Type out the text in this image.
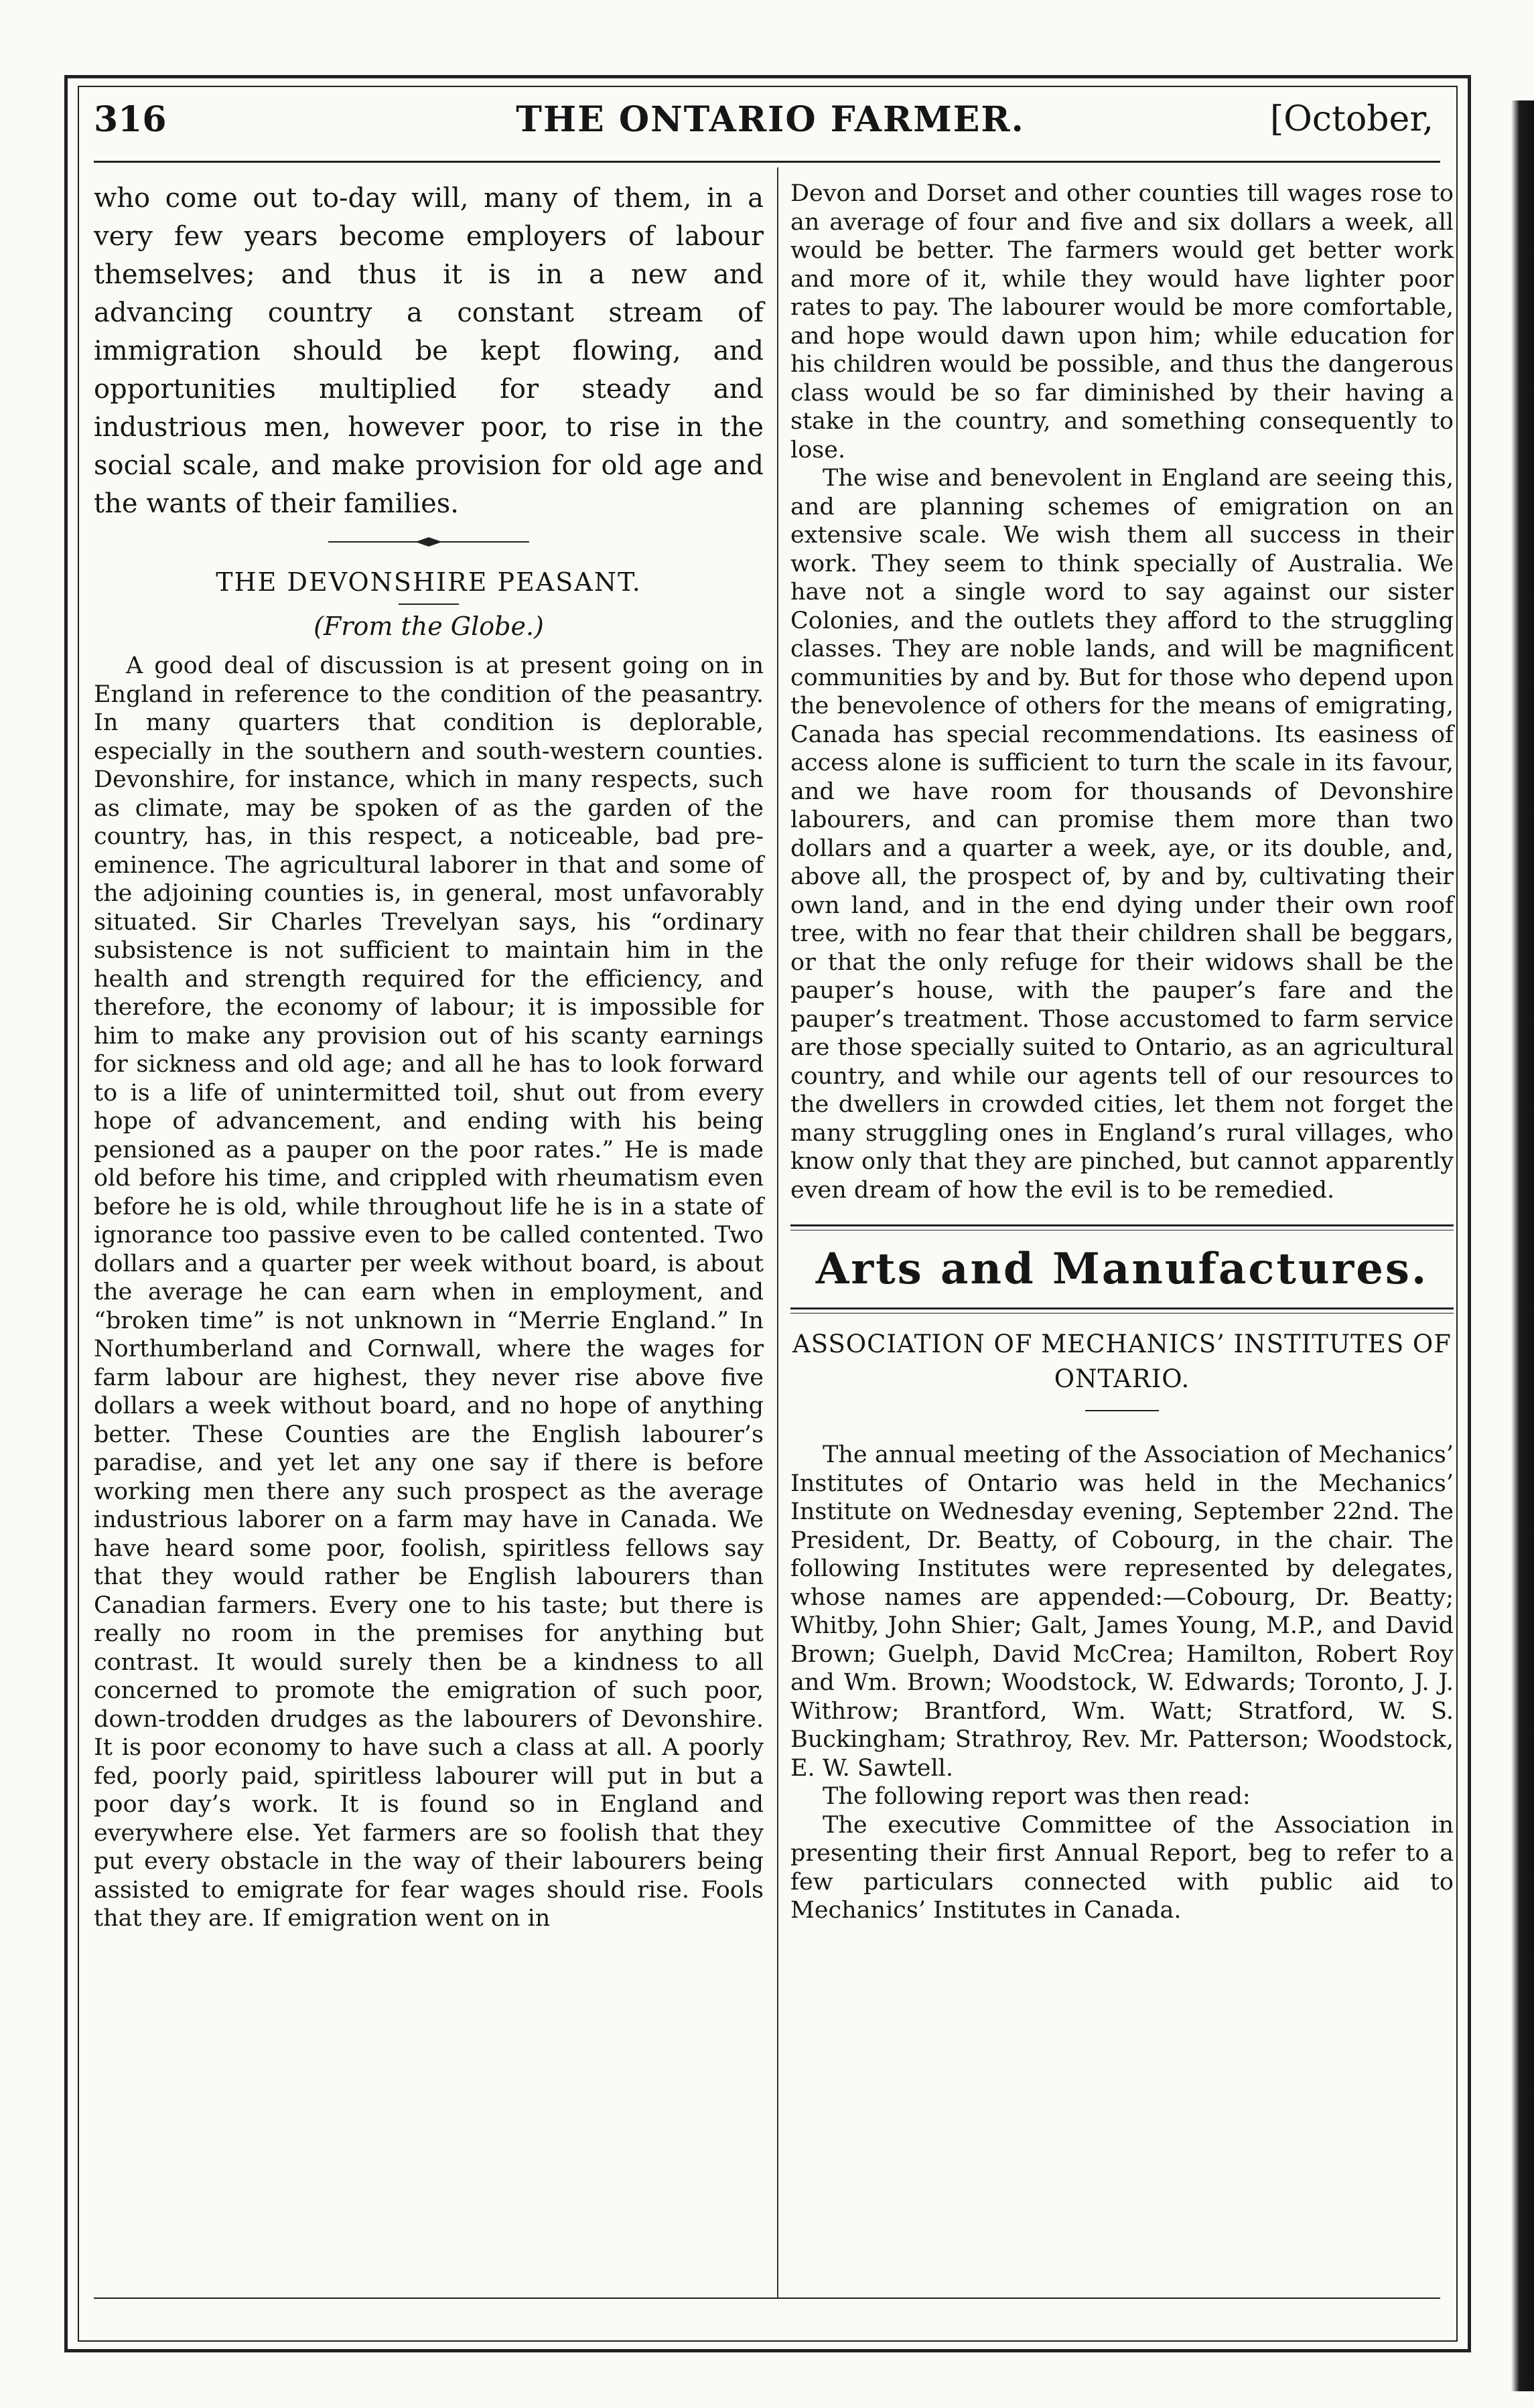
316	THE ONTARIO FARMER.	[October,

who come out to-day will, many of them, in a very few years become employers of labour themselves; and thus it is in a new and advancing country a constant stream of immigration should be kept flowing, and opportunities multiplied for steady and industrious men, however poor, to rise in the social scale, and make provision for old age and the wants of their families.

THE DEVONSHIRE PEASANT.
(From the Globe.)

A good deal of discussion is at present going on in England in reference to the condition of the peasantry. In many quarters that condition is deplorable, especially in the southern and south-western counties. Devonshire, for instance, which in many respects, such as climate, may be spoken of as the garden of the country, has, in this respect, a noticeable, bad pre-eminence. The agricultural laborer in that and some of the adjoining counties is, in general, most unfavorably situated. Sir Charles Trevelyan says, his “ordinary subsistence is not sufficient to maintain him in the health and strength required for the efficiency, and therefore, the economy of labour; it is impossible for him to make any provision out of his scanty earnings for sickness and old age; and all he has to look forward to is a life of unintermitted toil, shut out from every hope of advancement, and ending with his being pensioned as a pauper on the poor rates.” He is made old before his time, and crippled with rheumatism even before he is old, while throughout life he is in a state of ignorance too passive even to be called contented. Two dollars and a quarter per week without board, is about the average he can earn when in employment, and “broken time” is not unknown in “Merrie England.” In Northumberland and Cornwall, where the wages for farm labour are highest, they never rise above five dollars a week without board, and no hope of anything better. These Counties are the English labourer’s paradise, and yet let any one say if there is before working men there any such prospect as the average industrious laborer on a farm may have in Canada. We have heard some poor, foolish, spiritless fellows say that they would rather be English labourers than Canadian farmers. Every one to his taste; but there is really no room in the premises for anything but contrast. It would surely then be a kindness to all concerned to promote the emigration of such poor, down-trodden drudges as the labourers of Devonshire. It is poor economy to have such a class at all. A poorly fed, poorly paid, spiritless labourer will put in but a poor day’s work. It is found so in England and everywhere else. Yet farmers are so foolish that they put every obstacle in the way of their labourers being assisted to emigrate for fear wages should rise. Fools that they are. If emigration went on in

Devon and Dorset and other counties till wages rose to an average of four and five and six dollars a week, all would be better. The farmers would get better work and more of it, while they would have lighter poor rates to pay. The labourer would be more comfortable, and hope would dawn upon him; while education for his children would be possible, and thus the dangerous class would be so far diminished by their having a stake in the country, and something consequently to lose.

The wise and benevolent in England are seeing this, and are planning schemes of emigration on an extensive scale. We wish them all success in their work. They seem to think specially of Australia. We have not a single word to say against our sister Colonies, and the outlets they afford to the struggling classes. They are noble lands, and will be magnificent communities by and by. But for those who depend upon the benevolence of others for the means of emigrating, Canada has special recommendations. Its easiness of access alone is sufficient to turn the scale in its favour, and we have room for thousands of Devonshire labourers, and can promise them more than two dollars and a quarter a week, aye, or its double, and, above all, the prospect of, by and by, cultivating their own land, and in the end dying under their own roof tree, with no fear that their children shall be beggars, or that the only refuge for their widows shall be the pauper’s house, with the pauper’s fare and the pauper’s treatment. Those accustomed to farm service are those specially suited to Ontario, as an agricultural country, and while our agents tell of our resources to the dwellers in crowded cities, let them not forget the many struggling ones in England’s rural villages, who know only that they are pinched, but cannot apparently even dream of how the evil is to be remedied.

Arts and Manufactures.
ASSOCIATION OF MECHANICS’ INSTITUTES OF ONTARIO.

The annual meeting of the Association of Mechanics’ Institutes of Ontario was held in the Mechanics’ Institute on Wednesday evening, September 22nd. The President, Dr. Beatty, of Cobourg, in the chair. The following Institutes were represented by delegates, whose names are appended:—Cobourg, Dr. Beatty; Whitby, John Shier; Galt, James Young, M.P., and David Brown; Guelph, David McCrea; Hamilton, Robert Roy and Wm. Brown; Woodstock, W. Edwards; Toronto, J. J. Withrow; Brantford, Wm. Watt; Stratford, W. S. Buckingham; Strathroy, Rev. Mr. Patterson; Woodstock, E. W. Sawtell.

The following report was then read:

The executive Committee of the Association in presenting their first Annual Report, beg to refer to a few particulars connected with public aid to Mechanics’ Institutes in Canada.
